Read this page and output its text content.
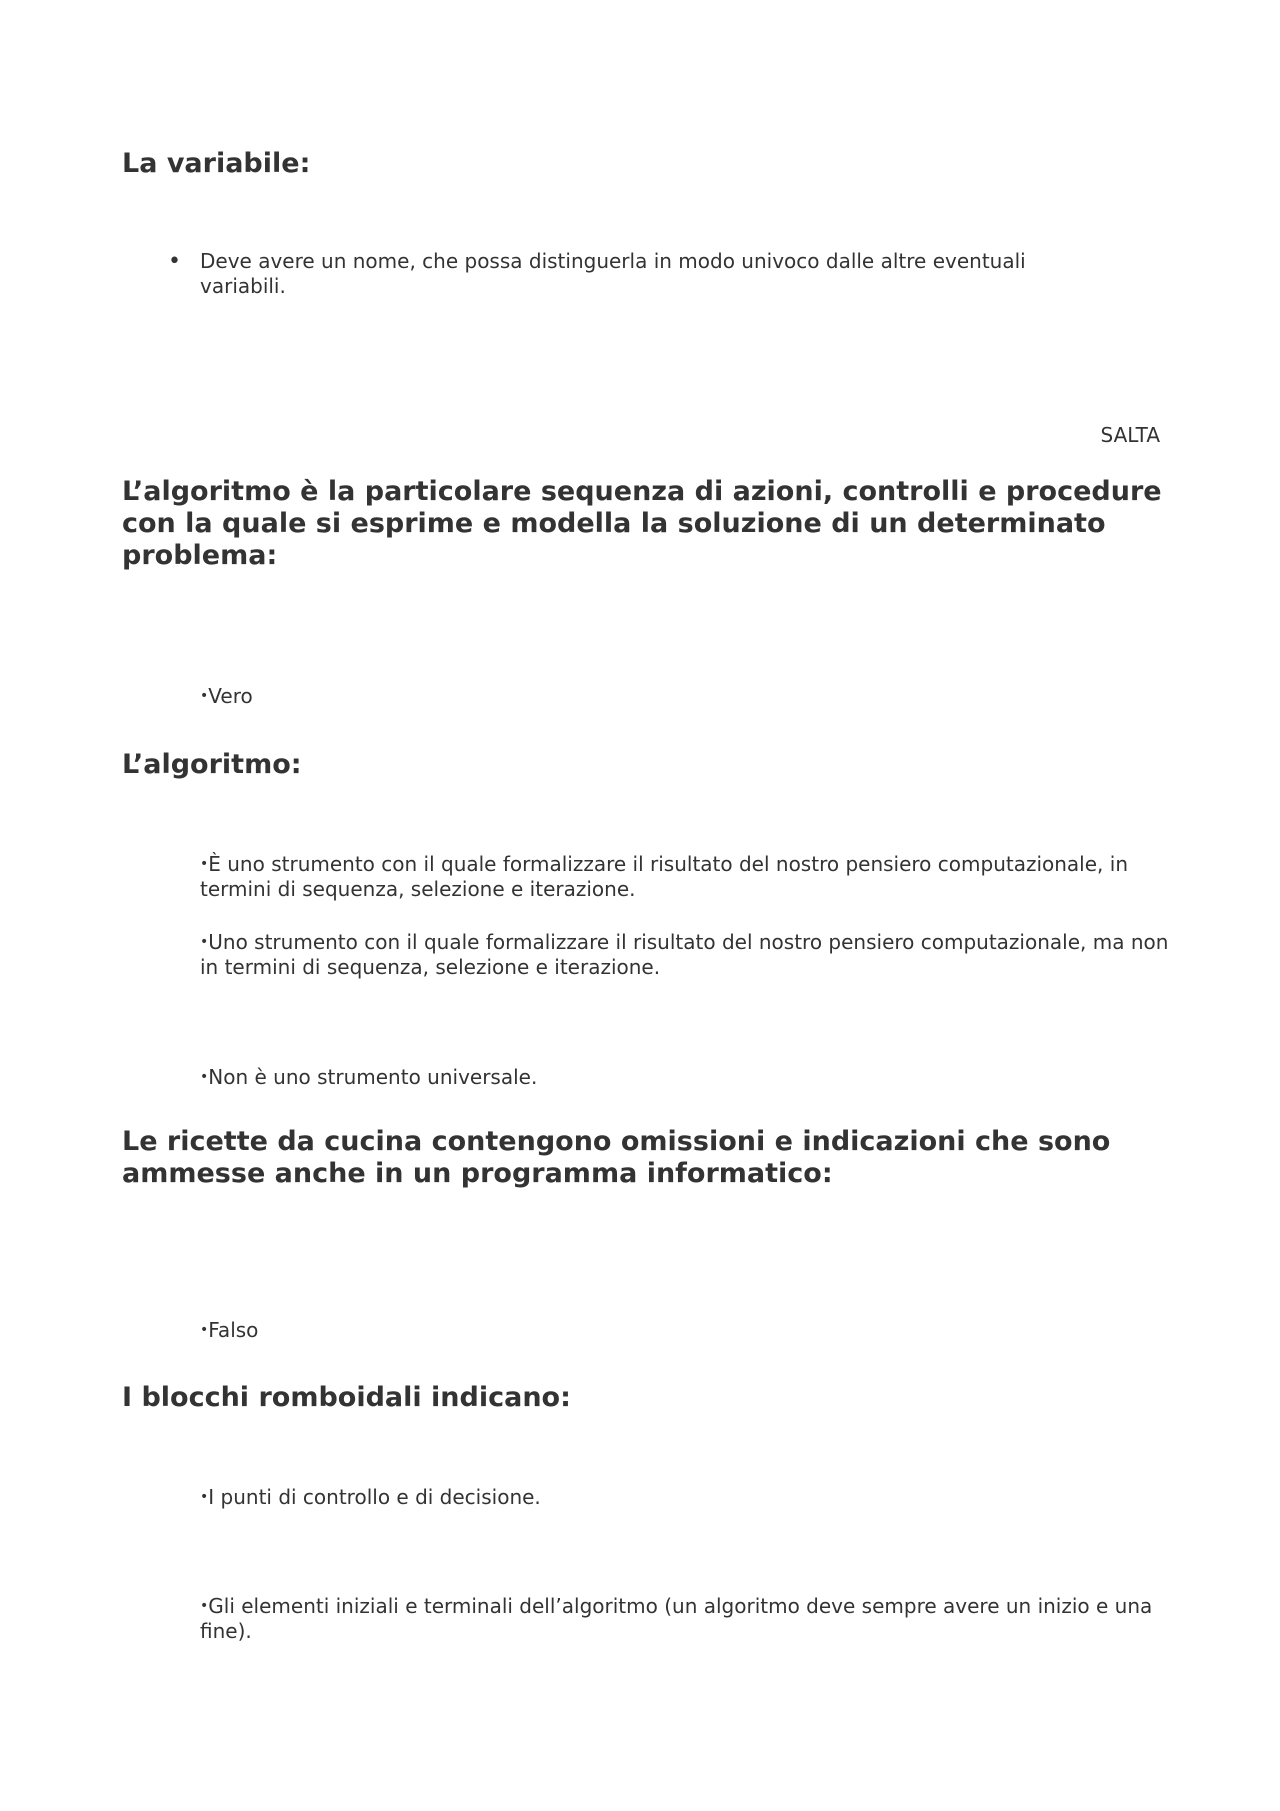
La variabile:

• Deve avere un nome, che possa distinguerla in modo univoco dalle altre eventuali variabili.

SALTA
L’algoritmo è la particolare sequenza di azioni, controlli e procedure con la quale si esprime e modella la soluzione di un determinato problema:

•Vero

L’algoritmo:

•È uno strumento con il quale formalizzare il risultato del nostro pensiero computazionale, in termini di sequenza, selezione e iterazione.

•Uno strumento con il quale formalizzare il risultato del nostro pensiero computazionale, ma non in termini di sequenza, selezione e iterazione.

•Non è uno strumento universale.

Le ricette da cucina contengono omissioni e indicazioni che sono ammesse anche in un programma informatico:

•Falso

I blocchi romboidali indicano:

•I punti di controllo e di decisione.

•Gli elementi iniziali e terminali dell’algoritmo (un algoritmo deve sempre avere un inizio e una fine).
